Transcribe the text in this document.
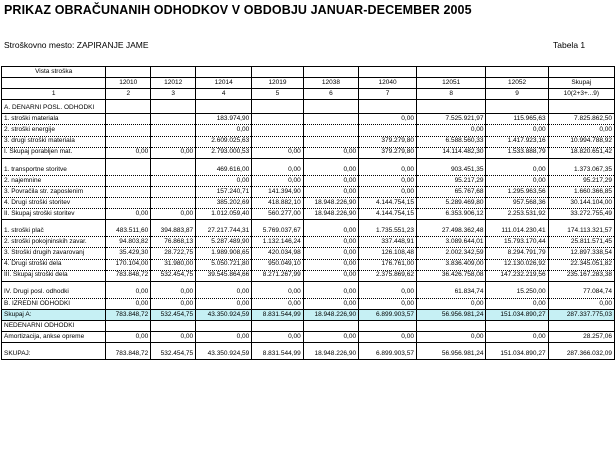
PRIKAZ OBRAČUNANIH ODHODKOV V OBDOBJU JANUAR-DECEMBER 2005
Stroškovno mesto: ZAPIRANJE JAME	Tabela 1
Vista stroška									
	12010	12012	12014	12019	12038	12040	12051	12052	Skupaj
1	2	3	4	5	6	7	8	9	10(2+3+...9)

A. DENARNI POSL. ODHODKI									
1. stroški materiala			183.974,90			0,00	7.525.921,97	115.965,63	7.825.862,50
2. stroški energije			0,00				0,00	0,00	0,00
3. drugi stroški materiala			2.609.025,63			379.279,80	6.588.560,33	1.417.923,16	10.994.788,92
I. Skupaj porabljen mat.	0,00	0,00	2.793.000,53	0,00	0,00	379.279,80	14.114.482,30	1.533.888,79	18.820.651,42

1. transportne storitve			469.616,00	0,00	0,00	0,00	903.451,35	0,00	1.373.067,35
2. najemnine			0,00	0,00	0,00	0,00	95.217,29	0,00	95.217,29
3. Povračila str. zaposlenim			157.240,71	141.394,90	0,00	0,00	65.767,68	1.295.963,56	1.660.366,85
4. Drugi stroški storitev			385.202,69	418.882,10	18.948.226,90	4.144.754,15	5.289.469,80	957.568,36	30.144.104,00
II. Skupaj stroški storitev	0,00	0,00	1.012.059,40	560.277,00	18.948.226,90	4.144.754,15	6.353.906,12	2.253.531,92	33.272.755,49

1. stroški plač	483.511,60	394.883,87	27.217.744,31	5.769.037,67	0,00	1.735.551,23	27.498.362,48	111.014.230,41	174.113.321,57
2. stroški pokojninskih zavar.	94.803,82	76.868,13	5.287.489,90	1.132.146,24	0,00	337.448,91	3.089.644,01	15.793.170,44	25.811.571,45
3. Stroški drugih zavarovanj	35.429,30	28.722,75	1.989.908,65	420.034,98	0,00	126.108,48	2.002.342,59	8.294.791,79	12.897.338,54
4. Drugi stroški dela	170.104,00	31.980,00	5.050.721,80	950.049,10	0,00	176.761,00	3.836.409,00	12.130.026,92	22.345.051,82
III. Skupaj stroški dela	783.848,72	532.454,75	39.545.864,66	8.271.267,99	0,00	2.375.869,62	36.426.758,08	147.232.219,56	235.167.283,38

IV. Drugi posl. odhodki	0,00	0,00	0,00	0,00	0,00	0,00	61.834,74	15.250,00	77.084,74
B. IZREDNI ODHODKI	0,00	0,00	0,00	0,00	0,00	0,00	0,00	0,00	0,00
Skupaj A:	783.848,72	532.454,75	43.350.924,59	8.831.544,99	18.948.226,90	6.899.903,57	56.956.981,24	151.034.890,27	287.337.775,03
NEDENARNI ODHODKI									
Amortizacija, ankse opreme	0,00	0,00	0,00	0,00	0,00	0,00	0,00	0,00	28.257,06

SKUPAJ:	783.848,72	532.454,75	43.350.924,59	8.831.544,99	18.948.226,90	6.899.903,57	56.956.981,24	151.034.890,27	287.366.032,09
